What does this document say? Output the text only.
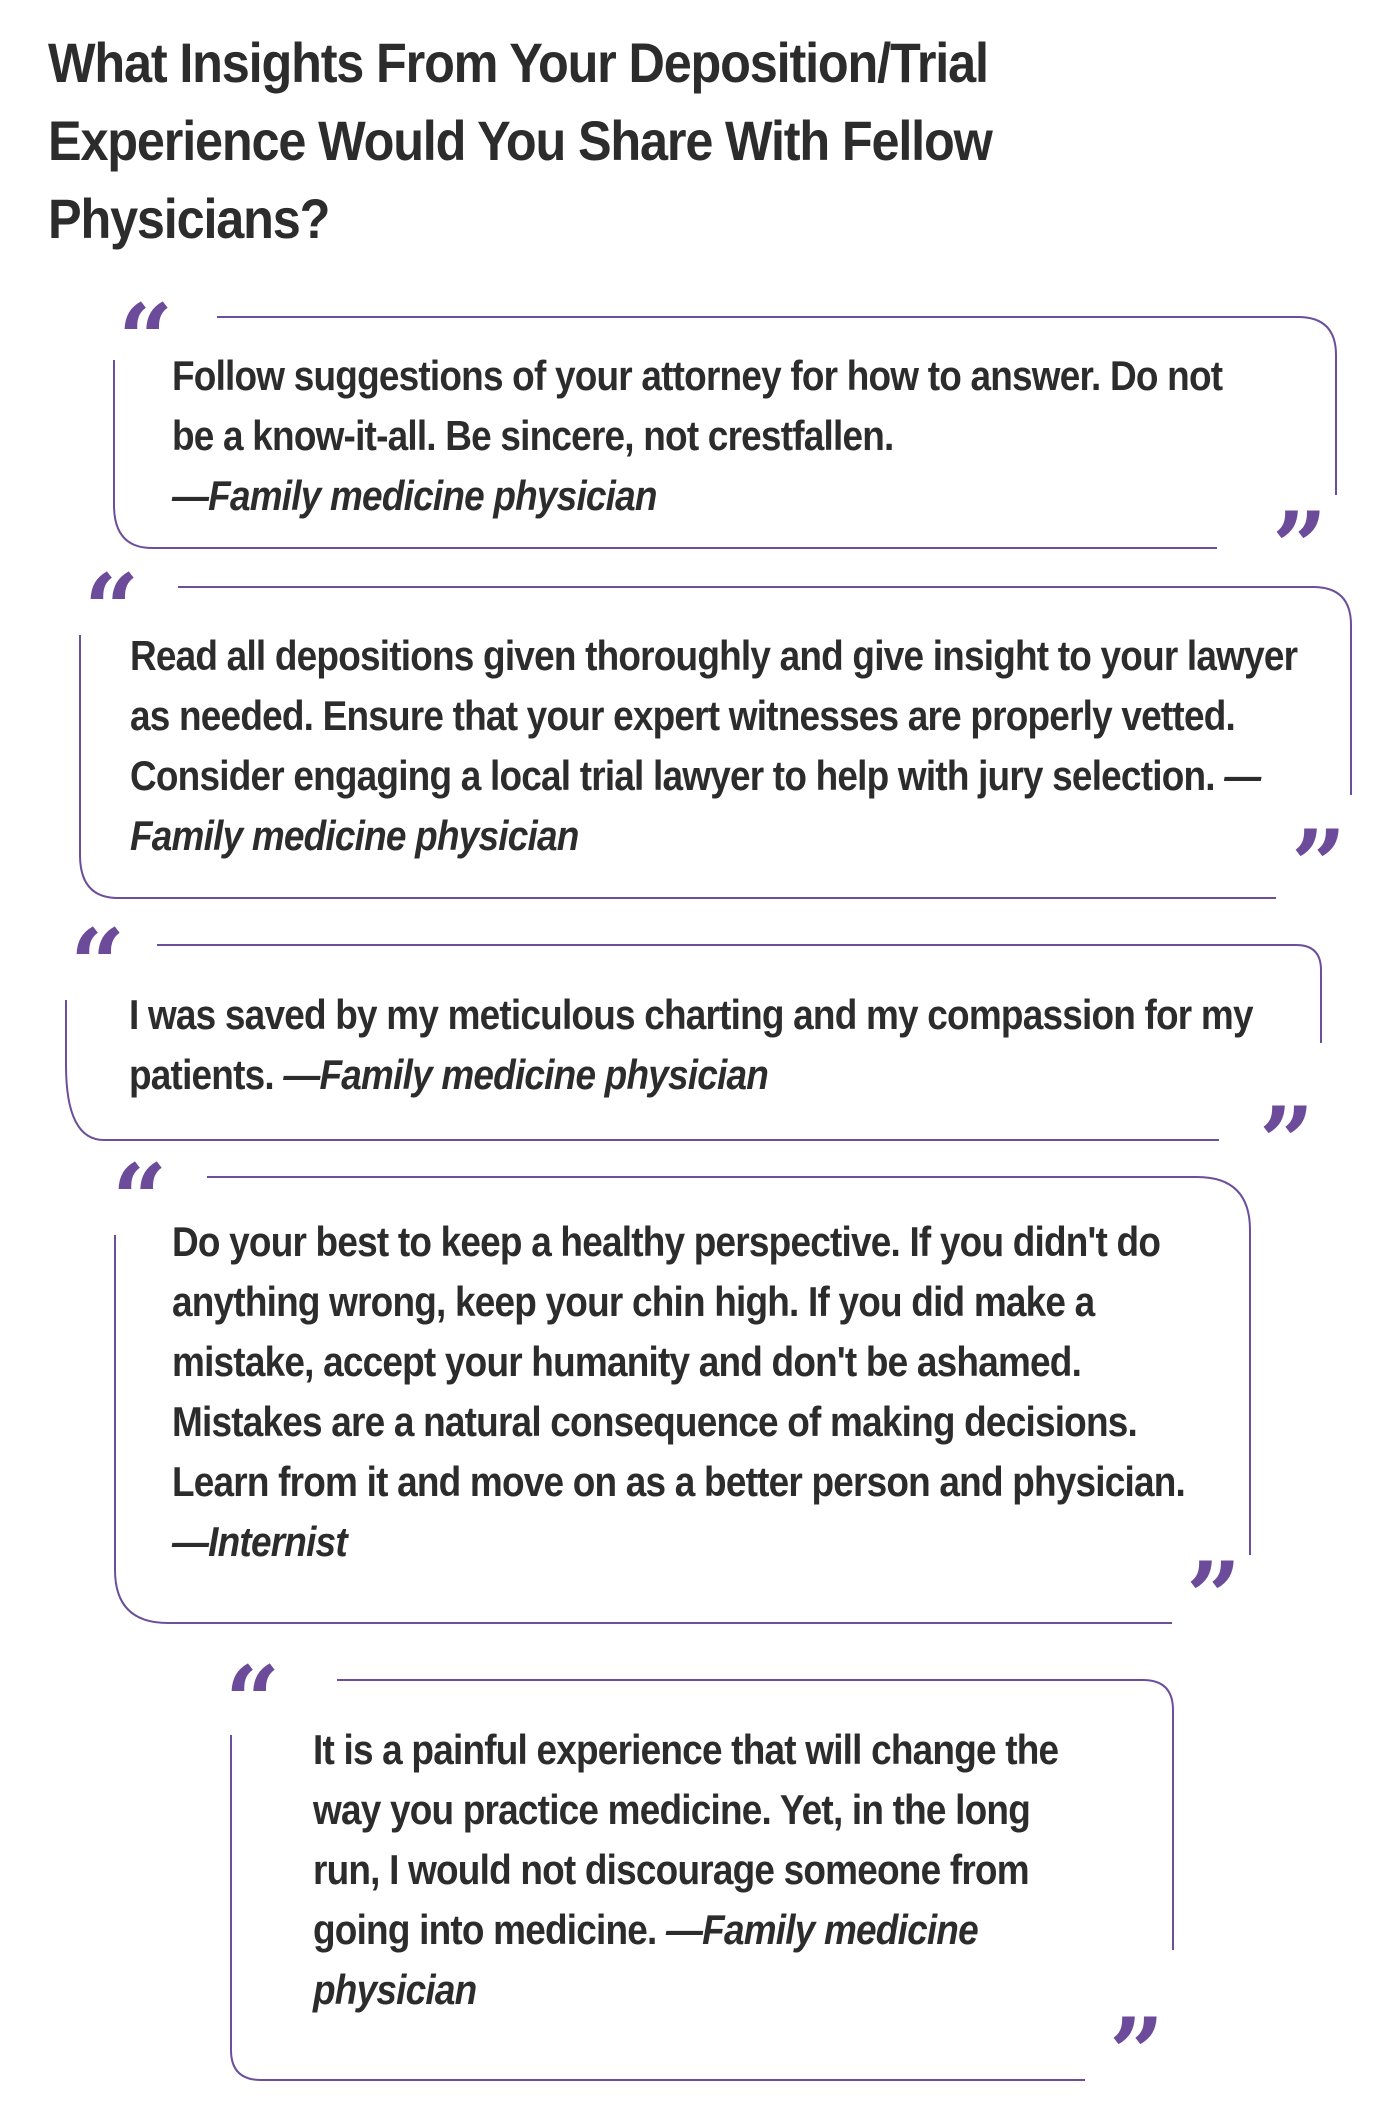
What Insights From Your Deposition/Trial Experience Would You Share With Fellow Physicians?
“
”

Follow suggestions of your attorney for how to answer. Do not be a know-it-all. Be sincere, not crestfallen.
—Family medicine physician

“
”

Read all depositions given thoroughly and give insight to your lawyer as needed. Ensure that your expert witnesses are properly vetted. Consider engaging a local trial lawyer to help with jury selection. —Family medicine physician

“
”

I was saved by my meticulous charting and my compassion for my patients. —Family medicine physician

“
”

Do your best to keep a healthy perspective. If you didn't do anything wrong, keep your chin high. If you did make a mistake, accept your humanity and don't be ashamed. Mistakes are a natural consequence of making decisions. Learn from it and move on as a better person and physician. —Internist

“
”

It is a painful experience that will change the way you practice medicine. Yet, in the long run, I would not discourage someone from going into medicine. —Family medicine physician
